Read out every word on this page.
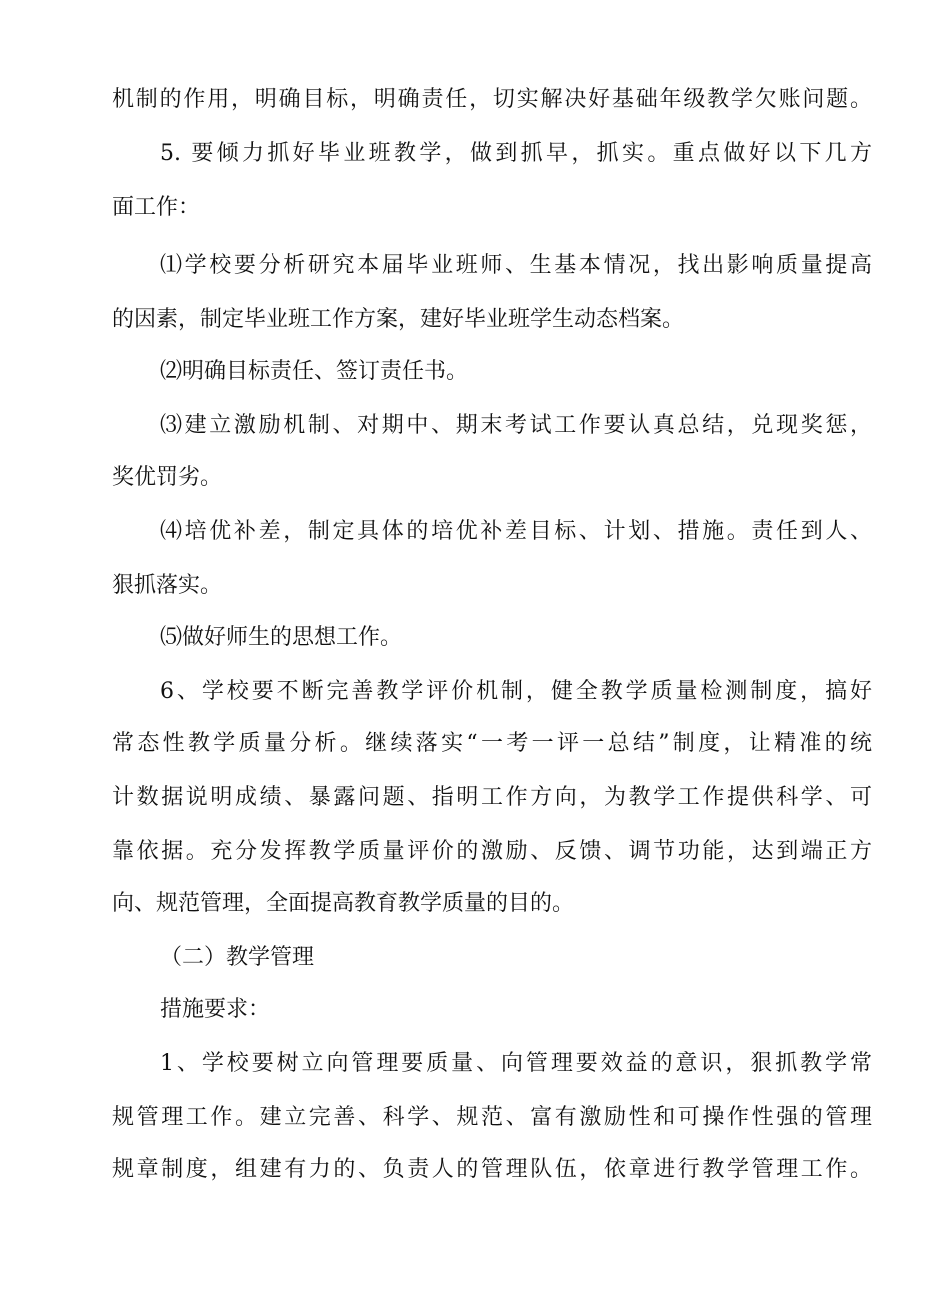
机制的作用，明确目标，明确责任，切实解决好基础年级教学欠账问题。
5. 要倾力抓好毕业班教学，做到抓早，抓实。重点做好以下几方
面工作：
⑴学校要分析研究本届毕业班师、生基本情况，找出影响质量提高
的因素，制定毕业班工作方案，建好毕业班学生动态档案。
⑵明确目标责任、签订责任书。
⑶建立激励机制、对期中、期末考试工作要认真总结，兑现奖惩，
奖优罚劣。
⑷培优补差，制定具体的培优补差目标、计划、措施。责任到人、
狠抓落实。
⑸做好师生的思想工作。
6、学校要不断完善教学评价机制，健全教学质量检测制度，搞好
常态性教学质量分析。继续落实“一考一评一总结”制度，让精准的统
计数据说明成绩、暴露问题、指明工作方向，为教学工作提供科学、可
靠依据。充分发挥教学质量评价的激励、反馈、调节功能，达到端正方
向、规范管理，全面提高教育教学质量的目的。
（二）教学管理
措施要求：
1、学校要树立向管理要质量、向管理要效益的意识，狠抓教学常
规管理工作。建立完善、科学、规范、富有激励性和可操作性强的管理
规章制度，组建有力的、负责人的管理队伍，依章进行教学管理工作。
